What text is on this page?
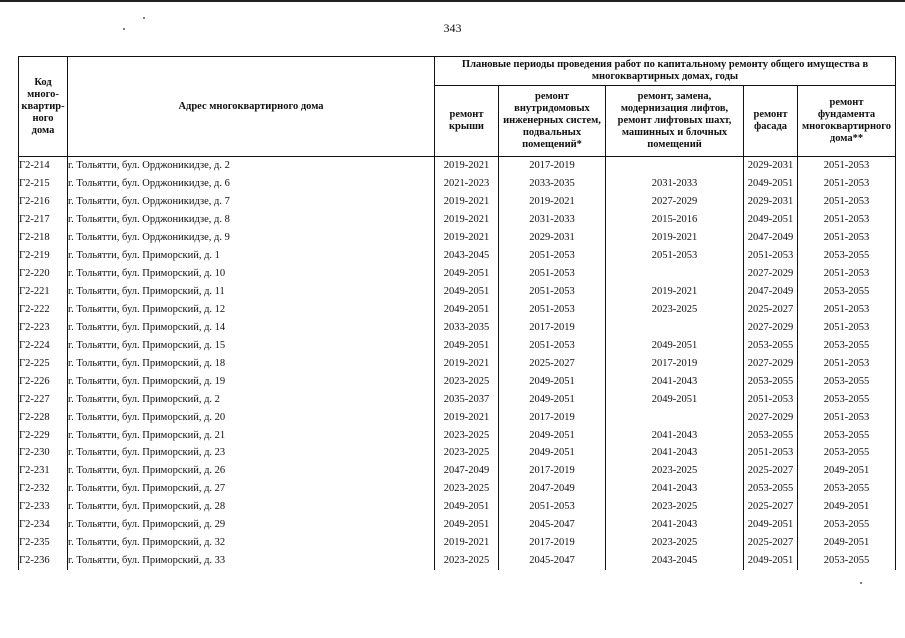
343
Код много-квартир-ного дома	Адрес многоквартирного дома	Плановые периоды проведения работ по капитальному ремонту общего имущества в многоквартирных домах, годы				
		ремонт крыши	ремонт внутридомовых инженерных систем, подвальных помещений*	ремонт, замена, модернизация лифтов, ремонт лифтовых шахт, машинных и блочных помещений	ремонт фасада	ремонт фундамента многоквартирного дома**
Г2-214	г. Тольятти, бул. Орджоникидзе, д. 2	2019-2021	2017-2019		2029-2031	2051-2053
Г2-215	г. Тольятти, бул. Орджоникидзе, д. 6	2021-2023	2033-2035	2031-2033	2049-2051	2051-2053
Г2-216	г. Тольятти, бул. Орджоникидзе, д. 7	2019-2021	2019-2021	2027-2029	2029-2031	2051-2053
Г2-217	г. Тольятти, бул. Орджоникидзе, д. 8	2019-2021	2031-2033	2015-2016	2049-2051	2051-2053
Г2-218	г. Тольятти, бул. Орджоникидзе, д. 9	2019-2021	2029-2031	2019-2021	2047-2049	2051-2053
Г2-219	г. Тольятти, бул. Приморский, д. 1	2043-2045	2051-2053	2051-2053	2051-2053	2053-2055
Г2-220	г. Тольятти, бул. Приморский, д. 10	2049-2051	2051-2053		2027-2029	2051-2053
Г2-221	г. Тольятти, бул. Приморский, д. 11	2049-2051	2051-2053	2019-2021	2047-2049	2053-2055
Г2-222	г. Тольятти, бул. Приморский, д. 12	2049-2051	2051-2053	2023-2025	2025-2027	2051-2053
Г2-223	г. Тольятти, бул. Приморский, д. 14	2033-2035	2017-2019		2027-2029	2051-2053
Г2-224	г. Тольятти, бул. Приморский, д. 15	2049-2051	2051-2053	2049-2051	2053-2055	2053-2055
Г2-225	г. Тольятти, бул. Приморский, д. 18	2019-2021	2025-2027	2017-2019	2027-2029	2051-2053
Г2-226	г. Тольятти, бул. Приморский, д. 19	2023-2025	2049-2051	2041-2043	2053-2055	2053-2055
Г2-227	г. Тольятти, бул. Приморский, д. 2	2035-2037	2049-2051	2049-2051	2051-2053	2053-2055
Г2-228	г. Тольятти, бул. Приморский, д. 20	2019-2021	2017-2019		2027-2029	2051-2053
Г2-229	г. Тольятти, бул. Приморский, д. 21	2023-2025	2049-2051	2041-2043	2053-2055	2053-2055
Г2-230	г. Тольятти, бул. Приморский, д. 23	2023-2025	2049-2051	2041-2043	2051-2053	2053-2055
Г2-231	г. Тольятти, бул. Приморский, д. 26	2047-2049	2017-2019	2023-2025	2025-2027	2049-2051
Г2-232	г. Тольятти, бул. Приморский, д. 27	2023-2025	2047-2049	2041-2043	2053-2055	2053-2055
Г2-233	г. Тольятти, бул. Приморский, д. 28	2049-2051	2051-2053	2023-2025	2025-2027	2049-2051
Г2-234	г. Тольятти, бул. Приморский, д. 29	2049-2051	2045-2047	2041-2043	2049-2051	2053-2055
Г2-235	г. Тольятти, бул. Приморский, д. 32	2019-2021	2017-2019	2023-2025	2025-2027	2049-2051
Г2-236	г. Тольятти, бул. Приморский, д. 33	2023-2025	2045-2047	2043-2045	2049-2051	2053-2055
